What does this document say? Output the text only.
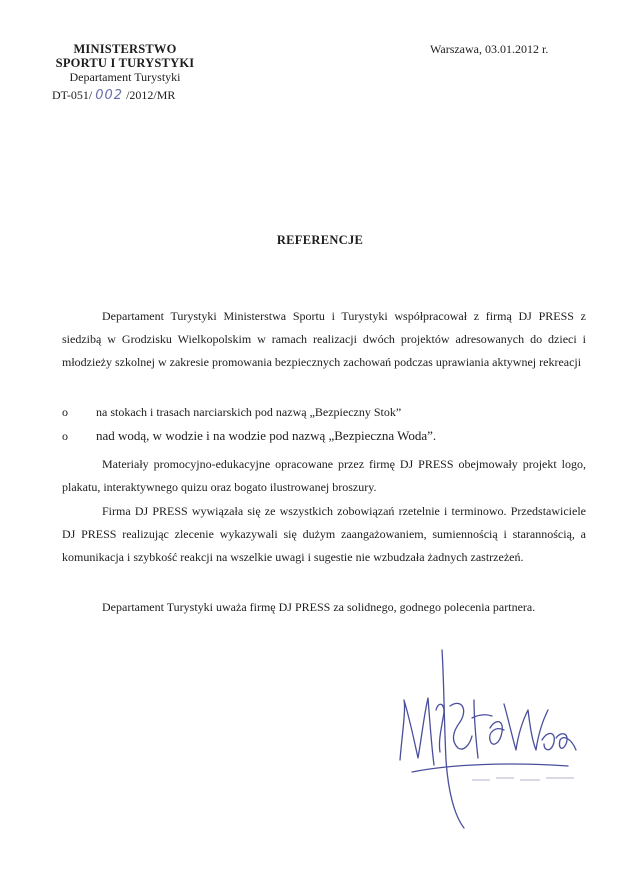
MINISTERSTWO
SPORTU I TURYSTYKI
Departament Turystyki
DT-051/ 002 /2012/MR
Warszawa, 03.01.2012 r.
REFERENCJE
Departament Turystyki Ministerstwa Sportu i Turystyki współpracował z firmą DJ PRESS z siedzibą w Grodzisku Wielkopolskim w ramach realizacji dwóch projektów adresowanych do dzieci i młodzieży szkolnej w zakresie promowania bezpiecznych zachowań podczas uprawiania aktywnej rekreacji
o na stokach i trasach narciarskich pod nazwą „Bezpieczny Stok”
o nad wodą, w wodzie i na wodzie pod nazwą „Bezpieczna Woda”.
Materiały promocyjno-edukacyjne opracowane przez firmę DJ PRESS obejmowały projekt logo, plakatu, interaktywnego quizu oraz bogato ilustrowanej broszury.
Firma DJ PRESS wywiązała się ze wszystkich zobowiązań rzetelnie i terminowo. Przedstawiciele DJ PRESS realizując zlecenie wykazywali się dużym zaangażowaniem, sumiennością i starannością, a komunikacja i szybkość reakcji na wszelkie uwagi i sugestie nie wzbudzała żadnych zastrzeżeń.
Departament Turystyki uważa firmę DJ PRESS za solidnego, godnego polecenia partnera.
